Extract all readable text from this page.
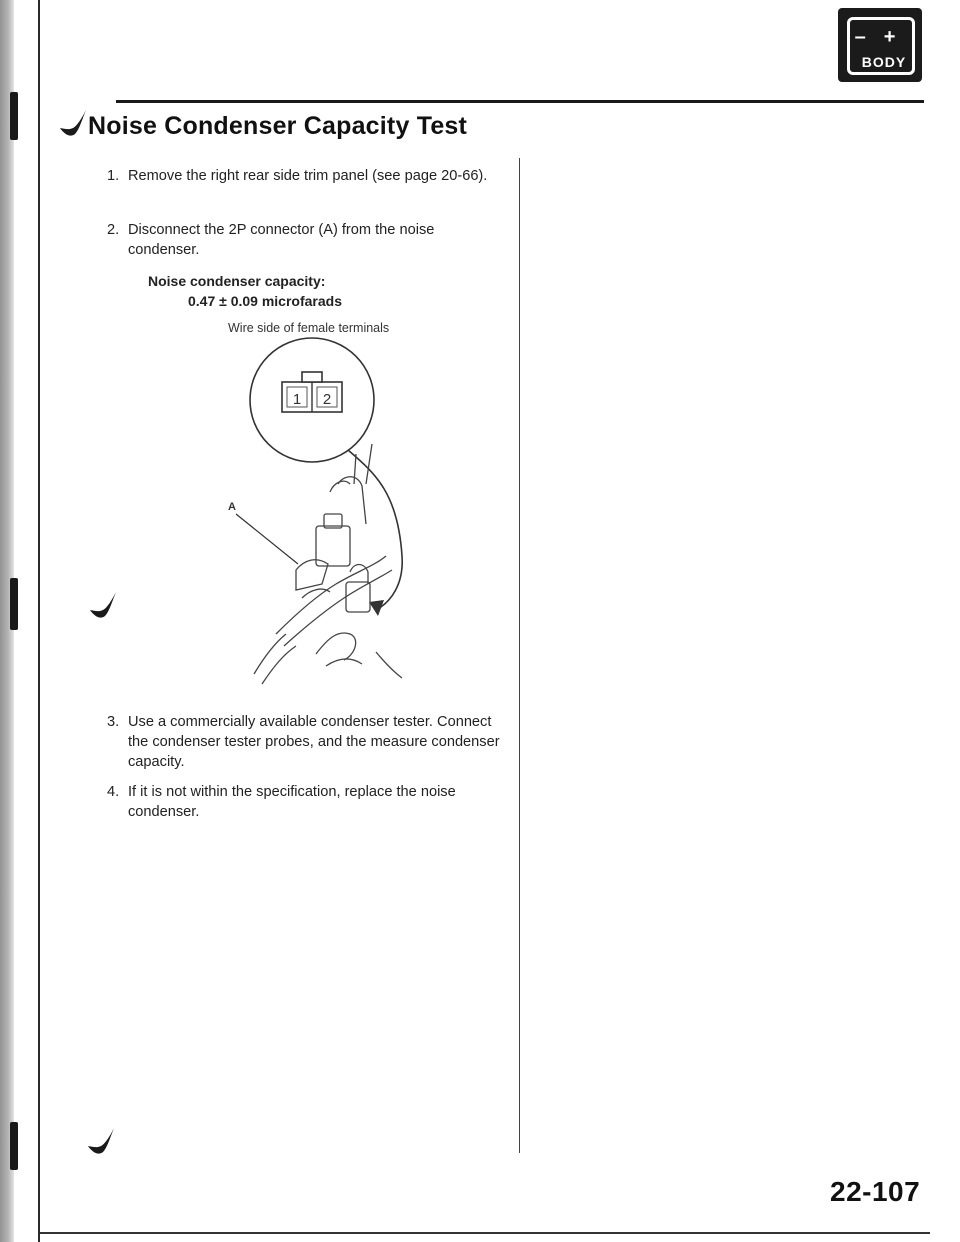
–+
BODY
Noise Condenser Capacity Test
1. Remove the right rear side trim panel (see page 20-66).
2. Disconnect the 2P connector (A) from the noise condenser.
Noise condenser capacity:
0.47 ± 0.09 microfarads
Wire side of female terminals
1 2
A
3. Use a commercially available condenser tester. Connect the condenser tester probes, and the measure condenser capacity.
4. If it is not within the specification, replace the noise condenser.
22-107
